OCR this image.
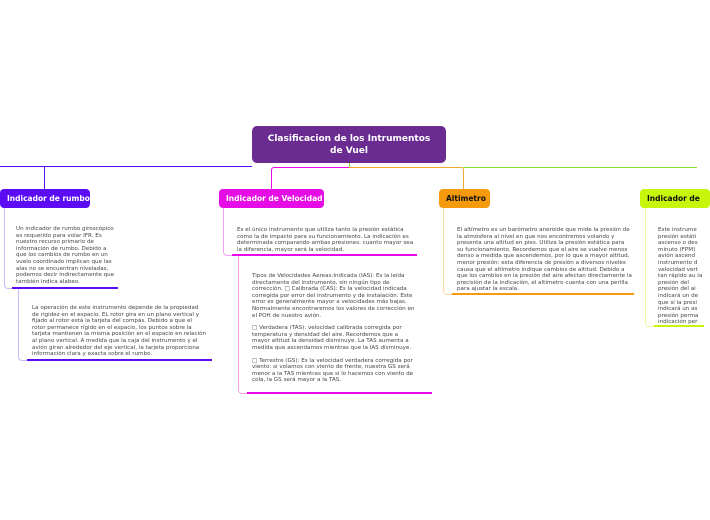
Clasificacion de los Intrumentos de Vuel
Indicador de rumbo
Un indicador de rumbo giroscópico es requerido para volar IFR. Es nuestro recurso primario de información de rumbo. Debido a que los cambios de rumbo en un vuelo coordinado implican que las alas no se encuentran niveladas, podemos decir indirectamente que también indica alabeo.
La operación de este instrumento depende de la propiedad de rigidez en el espacio. EL rotor gira en un plano vertical y fijado al rotor está la tarjeta del compás. Debido a que el rotor permanece rígido en el espacio, los puntos sobre la tarjeta mantienen la misma posición en el espacio en relación al plano vertical. A medida que la caja del instrumento y el avión giran alrededor del eje vertical, la tarjeta proporciona información clara y exacta sobre el rumbo.
Indicador de Velocidad
Es el único instrumento que utiliza tanto la presión estática como la de impacto para su funcionamiento. La indicación es determinada comparando ambas presiones: cuanto mayor sea la diferencia, mayor será la velocidad.
Tipos de Velocidades Aereas:Indicada (IAS): Es la leída directamente del instrumento, sin ningún tipo de corrección. □ Calibrada (CAS): Es la velocidad indicada corregida por error del instrumento y de instalación. Este error es generalmente mayor a velocidades más bajas. Normalmente encontraremos los valores de corrección en el POH de nuestro avión.
□ Verdadera (TAS): velocidad calibrada corregida por temperatura y densidad del aire. Recordemos que a mayor altitud la densidad disminuye. La TAS aumenta a medida que ascendamos mientras que la IAS disminuye.
□ Terrestre (GS): Es la velocidad verdadera corregida por viento: si volamos con viento de frente, nuestra GS será menor a la TAS mientras que si lo hacemos con viento de cola, la GS será mayor a la TAS.
Altimetro
El altímetro es un barómetro aneroide que mide la presión de la atmósfera al nivel en que nos encontremos volando y presenta una altitud en pies. Utiliza la presión estática para su funcionamiento. Recordemos que el aire se vuelve menos denso a medida que ascendemos, por lo que a mayor altitud, menor presión: esta diferencia de presión a diversos niveles causa que el altímetro indique cambios de altitud. Debido a que los cambios en la presión del aire afectan directamente la precisión de la indicación, el altímetro cuenta con una perilla para ajustar la escala.
Indicador de
Este instrume presión estáti ascenso o des minuto (FPM) avión ascend instrumento d velocidad vert tan rápido au la presión del presión del ai indicará un de que si la presi indicará un as presión perma indicación per
